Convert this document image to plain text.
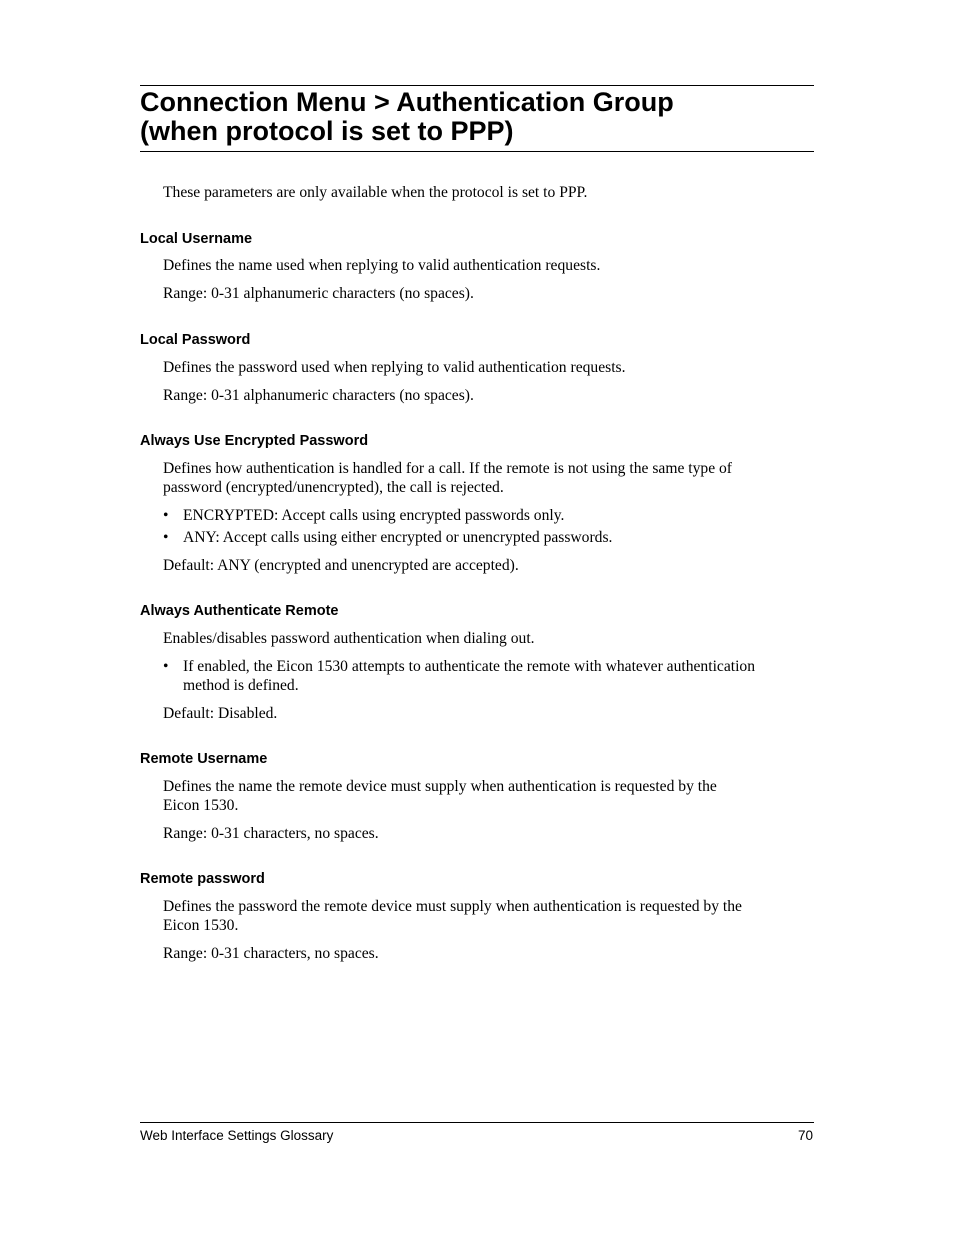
Connection Menu > Authentication Group
(when protocol is set to PPP)

These parameters are only available when the protocol is set to PPP.

Local Username

Defines the name used when replying to valid authentication requests.

Range: 0-31 alphanumeric characters (no spaces).

Local Password

Defines the password used when replying to valid authentication requests.

Range: 0-31 alphanumeric characters (no spaces).

Always Use Encrypted Password

Defines how authentication is handled for a call. If the remote is not using the same type of
password (encrypted/unencrypted), the call is rejected.

• ENCRYPTED: Accept calls using encrypted passwords only.
• ANY: Accept calls using either encrypted or unencrypted passwords.

Default: ANY (encrypted and unencrypted are accepted).

Always Authenticate Remote

Enables/disables password authentication when dialing out.

• If enabled, the Eicon 1530 attempts to authenticate the remote with whatever authentication
method is defined.

Default: Disabled.

Remote Username

Defines the name the remote device must supply when authentication is requested by the
Eicon 1530.

Range: 0-31 characters, no spaces.

Remote password

Defines the password the remote device must supply when authentication is requested by the
Eicon 1530.

Range: 0-31 characters, no spaces.

Web Interface Settings Glossary	70
